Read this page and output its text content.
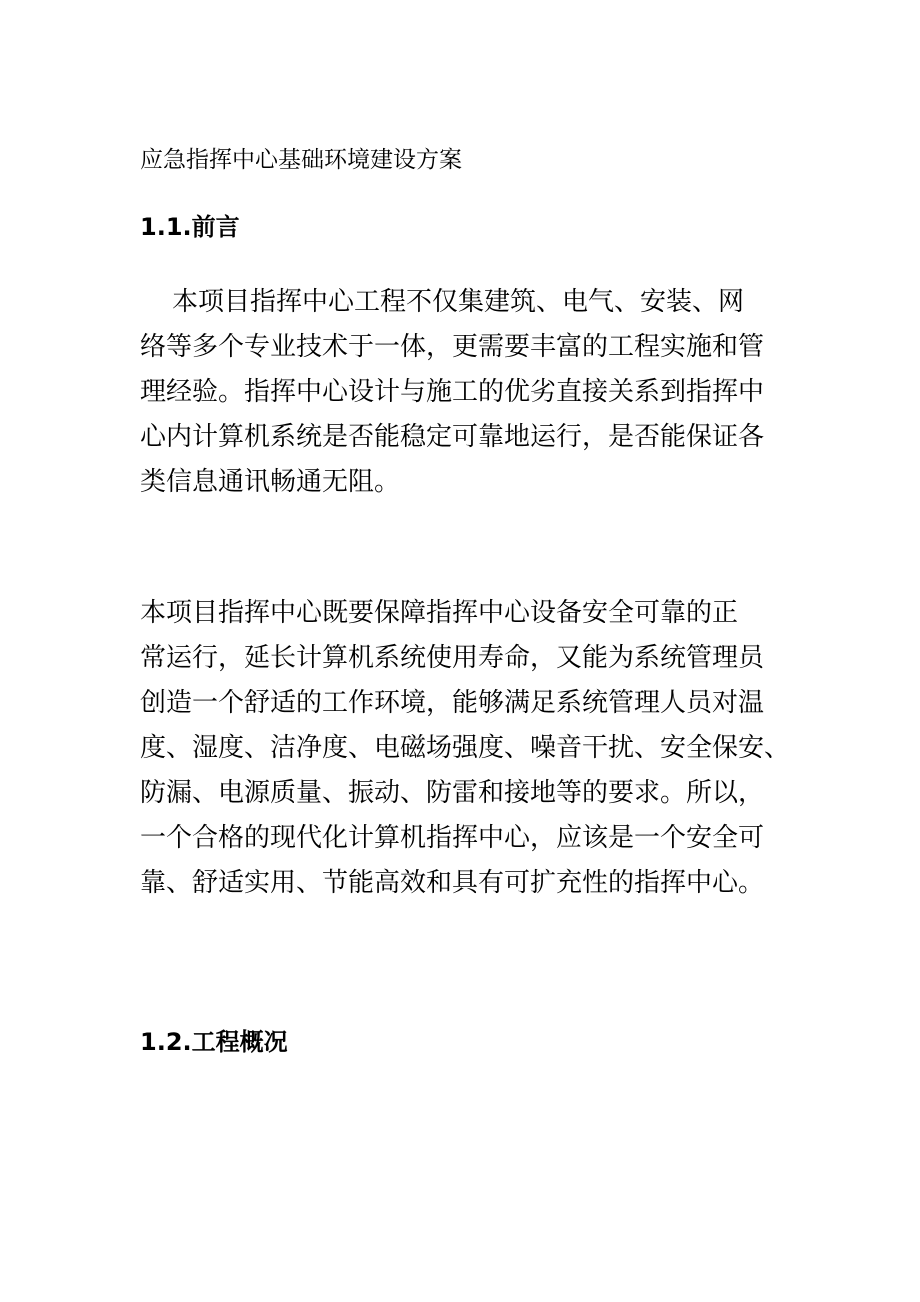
应急指挥中心基础环境建设方案
1.1.前言
本项目指挥中心工程不仅集建筑、电气、安装、网
络等多个专业技术于一体，更需要丰富的工程实施和管
理经验。指挥中心设计与施工的优劣直接关系到指挥中
心内计算机系统是否能稳定可靠地运行，是否能保证各
类信息通讯畅通无阻。
本项目指挥中心既要保障指挥中心设备安全可靠的正
常运行，延长计算机系统使用寿命，又能为系统管理员
创造一个舒适的工作环境，能够满足系统管理人员对温
度、湿度、洁净度、电磁场强度、噪音干扰、安全保安、
防漏、电源质量、振动、防雷和接地等的要求。所以，
一个合格的现代化计算机指挥中心，应该是一个安全可
靠、舒适实用、节能高效和具有可扩充性的指挥中心。
1.2.工程概况
